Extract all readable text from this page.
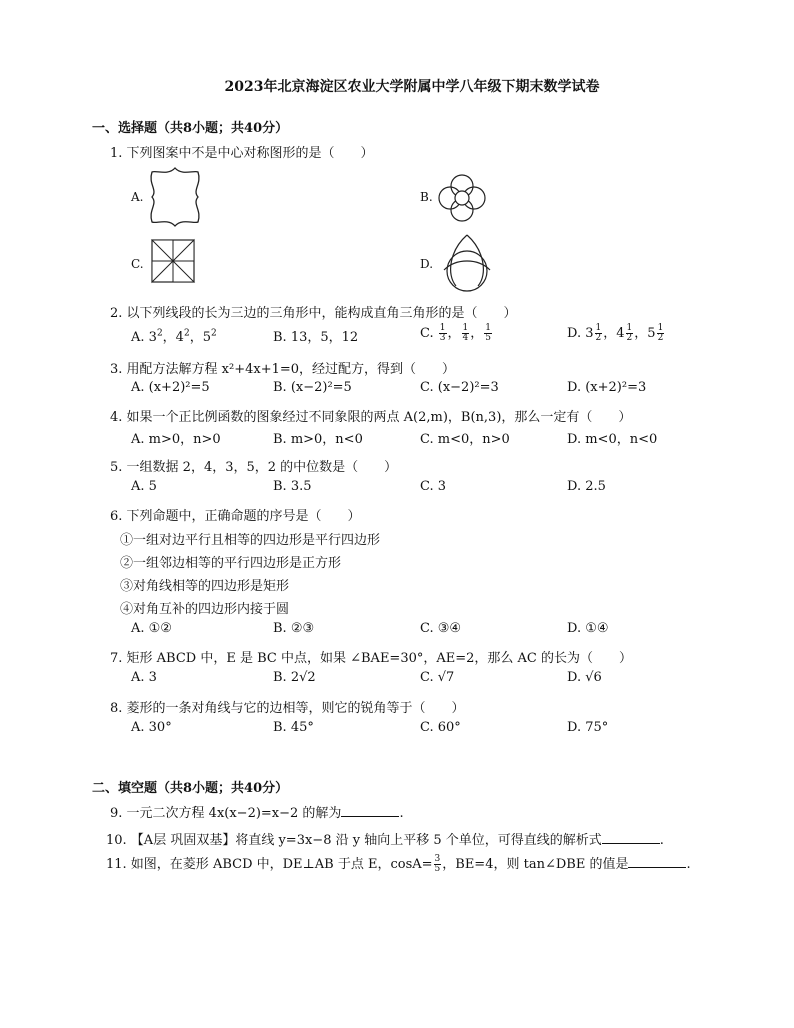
2023年北京海淀区农业大学附属中学八年级下期末数学试卷
一、选择题（共8小题；共40分）
1. 下列图案中不是中心对称图形的是（　　）
A.	B.
C.	D.
2. 以下列线段的长为三边的三角形中，能构成直角三角形的是（　　）
A. $3^2$，$4^2$，$5^2$	B. 13，5，12	C. $\frac{1}{3}$ ， $\frac{1}{4}$ ， $\frac{1}{5}$	D. $3 \frac{1}{2}$ ， $4 \frac{1}{2}$ ， $5 \frac{1}{2}$
3. 用配方法解方程 x²+4x+1=0，经过配方，得到（　　）
A. (x+2)²=5	B. (x−2)²=5	C. (x−2)²=3	D. (x+2)²=3
4. 如果一个正比例函数的图象经过不同象限的两点 A(2,m)，B(n,3)，那么一定有（　　）
A. m>0，n>0	B. m>0，n<0	C. m<0，n>0	D. m<0，n<0
5. 一组数据 2，4，3，5，2 的中位数是（　　）
A. 5	B. 3.5	C. 3	D. 2.5
6. 下列命题中，正确命题的序号是（　　）
①一组对边平行且相等的四边形是平行四边形
②一组邻边相等的平行四边形是正方形
③对角线相等的四边形是矩形
④对角互补的四边形内接于圆
A. ①②	B. ②③	C. ③④	D. ①④
7. 矩形 ABCD 中，E 是 BC 中点，如果 ∠BAE=30°，AE=2，那么 AC 的长为（　　）
A. 3	B. 2√2	C. √7	D. √6
8. 菱形的一条对角线与它的边相等，则它的锐角等于（　　）
A. 30°	B. 45°	C. 60°	D. 75°
二、填空题（共8小题；共40分）
9. 一元二次方程 4x(x−2)=x−2 的解为	.
10. 【A层 巩固双基】将直线 y=3x−8 沿 y 轴向上平移 5 个单位，可得直线的解析式	.
11. 如图，在菱形 ABCD 中，DE⊥AB 于点 E，$\cos A= \frac{3}{5}$ ，BE=4，则 tan∠DBE 的值是	.
